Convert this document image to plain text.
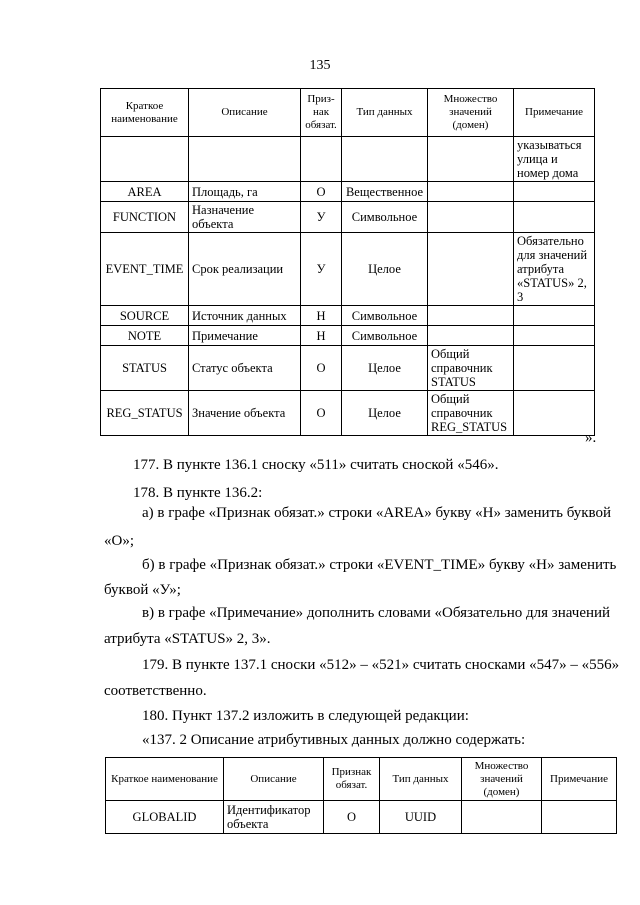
135
Краткое наименование	Описание	Приз-нак обязат.	Тип данных	Множество значений (домен)	Примечание
					указываться улица и номер дома
AREA	Площадь, га	О	Вещественное		
FUNCTION	Назначение объекта	У	Символьное		
EVENT_TIME	Срок реализации	У	Целое		Обязательно для значений атрибута «STATUS» 2, 3
SOURCE	Источник данных	Н	Символьное		
NOTE	Примечание	Н	Символьное		
STATUS	Статус объекта	О	Целое	Общий справочник STATUS	
REG_STATUS	Значение объекта	О	Целое	Общий справочник REG_STATUS	
».
177. В пункте 136.1 сноску «511» считать сноской «546».
178. В пункте 136.2:
а) в графе «Признак обязат.» строки «AREA» букву «Н» заменить буквой
«О»;
б) в графе «Признак обязат.» строки «EVENT_TIME» букву «Н» заменить
буквой «У»;
в) в графе «Примечание» дополнить словами «Обязательно для значений
атрибута «STATUS» 2, 3».
179. В пункте 137.1 сноски «512» – «521» считать сносками «547» – «556»
соответственно.
180. Пункт 137.2 изложить в следующей редакции:
«137. 2 Описание атрибутивных данных должно содержать:
Краткое наименование	Описание	Признак обязат.	Тип данных	Множество значений (домен)	Примечание
GLOBALID	Идентификатор объекта	О	UUID		
